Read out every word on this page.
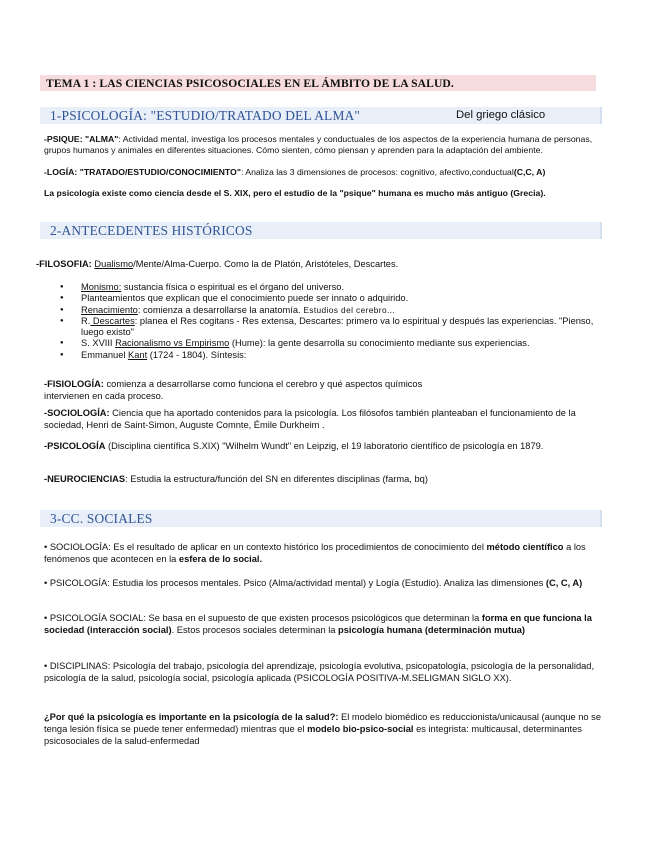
TEMA 1 : LAS CIENCIAS PSICOSOCIALES EN EL ÁMBITO DE LA SALUD.
1-PSICOLOGÍA: "ESTUDIO/TRATADO DEL ALMA"	Del griego clásico
-PSIQUE: "ALMA": Actividad mental, investiga los procesos mentales y conductuales de los aspectos de la experiencia humana de personas, grupos humanos y animales en diferentes situaciones. Cómo sienten, cómo piensan y aprenden para la adaptación del ambiente.
-LOGÍA: "TRATADO/ESTUDIO/CONOCIMIENTO": Analiza las 3 dimensiones de procesos: cognitivo, afectivo,conductual(C,C, A)
La psicología existe como ciencia desde el S. XIX, pero el estudio de la "psique" humana es mucho más antiguo (Grecia).
2-ANTECEDENTES HISTÓRICOS
-FILOSOFIA: Dualismo/Mente/Alma-Cuerpo. Como la de Platón, Aristóteles, Descartes.
● Monismo: sustancia física o espiritual es el órgano del universo.
● Planteamientos que explican que el conocimiento puede ser innato o adquirido.
● Renacimiento: comienza a desarrollarse la anatomía. Estudios del cerebro...
● R. Descartes: planea el Res cogitans - Res extensa, Descartes: primero va lo espiritual y después las experiencias. "Pienso, luego existo"
● S. XVIII Racionalismo vs Empirismo (Hume): la gente desarrolla su conocimiento mediante sus experiencias.
● Emmanuel Kant (1724 - 1804). Síntesis:
-FISIOLOGÍA: comienza a desarrollarse como funciona el cerebro y qué aspectos químicos intervienen en cada proceso.
-SOCIOLOGÍA: Ciencia que ha aportado contenidos para la psicología. Los filósofos también planteaban el funcionamiento de la sociedad, Henri de Saint-Simon, Auguste Comnte, Émile Durkheim .
-PSICOLOGÍA (Disciplina científica S.XIX) "Wilhelm Wundt" en Leipzig, el 19 laboratorio científico de psicología en 1879.
-NEUROCIENCIAS: Estudia la estructura/función del SN en diferentes disciplinas (farma, bq)
3-CC. SOCIALES
• SOCIOLOGÍA: Es el resultado de aplicar en un contexto histórico los procedimientos de conocimiento del método científico a los fenómenos que acontecen en la esfera de lo social.
• PSICOLOGÍA: Estudia los procesos mentales. Psico (Alma/actividad mental) y Logía (Estudio). Analiza las dimensiones (C, C, A)
• PSICOLOGÍA SOCIAL: Se basa en el supuesto de que existen procesos psicológicos que determinan la forma en que funciona la sociedad (interacción social). Estos procesos sociales determinan la psicología humana (determinación mutua)
• DISCIPLINAS: Psicología del trabajo, psicología del aprendizaje, psicología evolutiva, psicopatología, psicología de la personalidad, psicología de la salud, psicología social, psicología aplicada (PSICOLOGÍA POSITIVA-M.SELIGMAN SIGLO XX).
¿Por qué la psicología es importante en la psicología de la salud?: El modelo biomédico es reduccionista/unicausal (aunque no se tenga lesión física se puede tener enfermedad) mientras que el modelo bio-psico-social es integrista: multicausal, determinantes psicosociales de la salud-enfermedad
